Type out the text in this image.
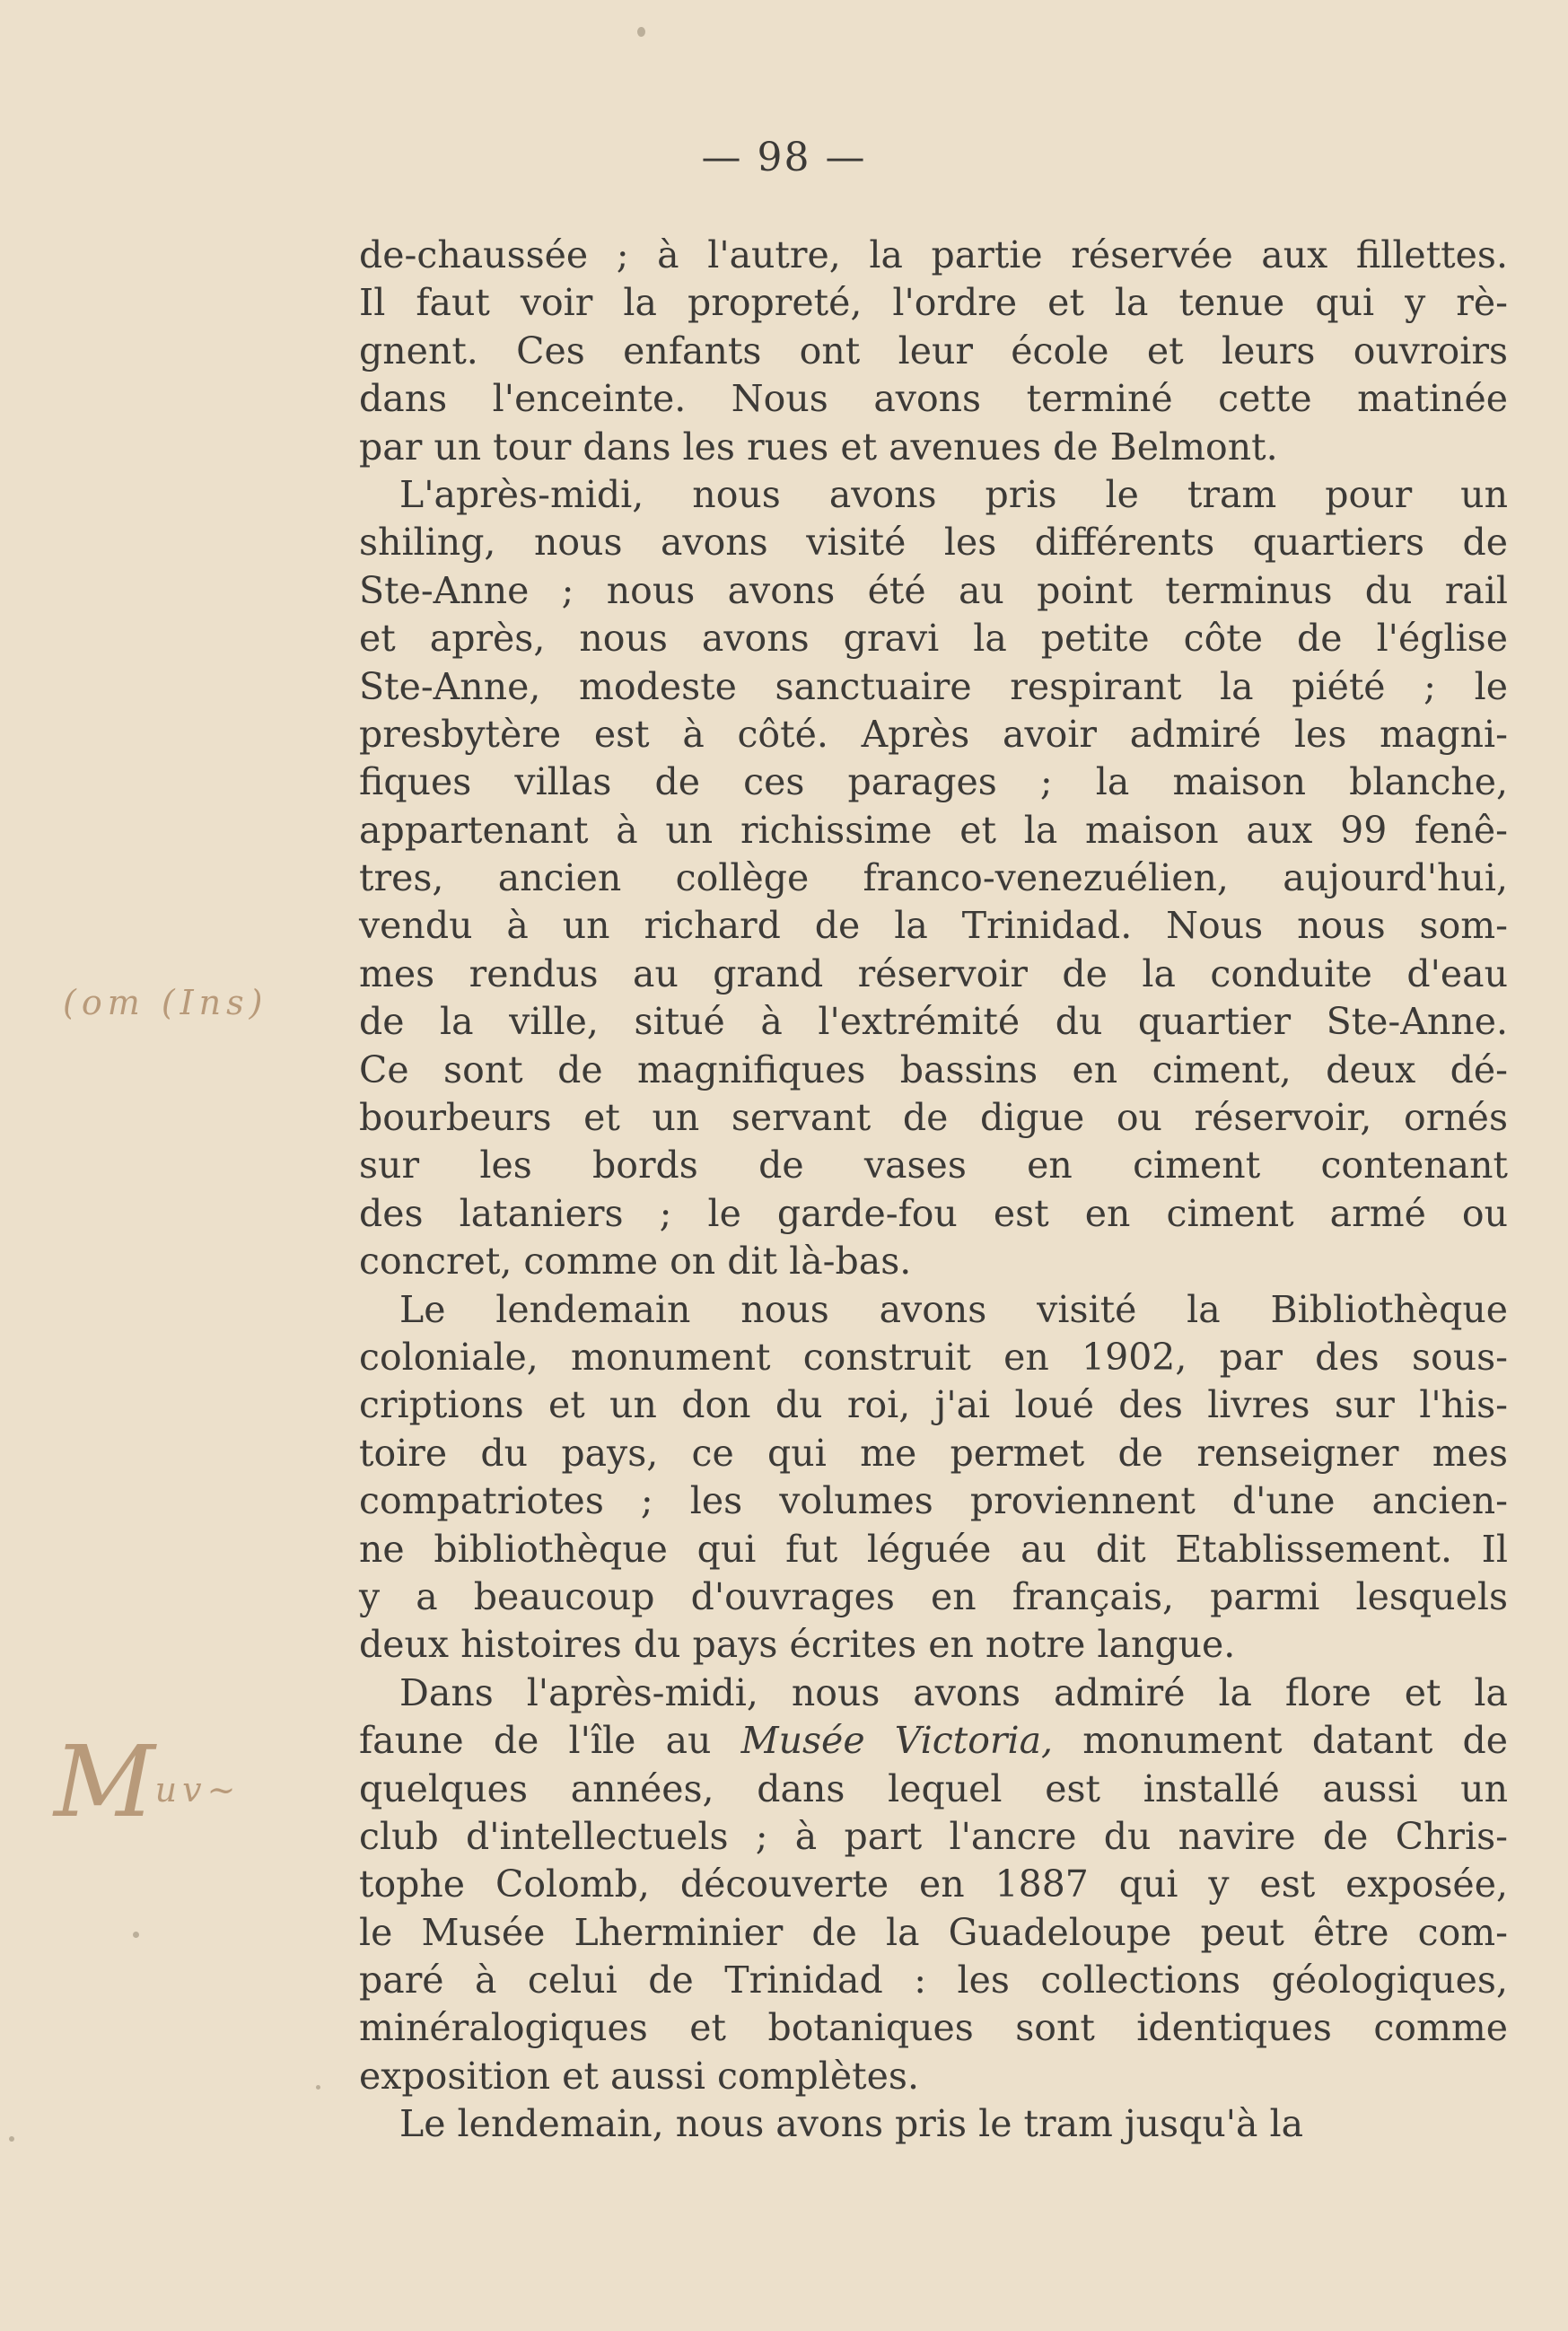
— 98 —
de-chaussée ; à l'autre, la partie réservée aux fillettes.
Il faut voir la propreté, l'ordre et la tenue qui y rè-
gnent. Ces enfants ont leur école et leurs ouvroirs
dans l'enceinte. Nous avons terminé cette matinée
par un tour dans les rues et avenues de Belmont.
L'après-midi, nous avons pris le tram pour un
shiling, nous avons visité les différents quartiers de
Ste-Anne ; nous avons été au point terminus du rail
et après, nous avons gravi la petite côte de l'église
Ste-Anne, modeste sanctuaire respirant la piété ; le
presbytère est à côté. Après avoir admiré les magni-
fiques villas de ces parages ; la maison blanche,
appartenant à un richissime et la maison aux 99 fenê-
tres, ancien collège franco-venezuélien, aujourd'hui,
vendu à un richard de la Trinidad. Nous nous som-
mes rendus au grand réservoir de la conduite d'eau
de la ville, situé à l'extrémité du quartier Ste-Anne.
Ce sont de magnifiques bassins en ciment, deux dé-
bourbeurs et un servant de digue ou réservoir, ornés
sur les bords de vases en ciment contenant
des lataniers ; le garde-fou est en ciment armé ou
concret, comme on dit là-bas.
Le lendemain nous avons visité la Bibliothèque
coloniale, monument construit en 1902, par des sous-
criptions et un don du roi, j'ai loué des livres sur l'his-
toire du pays, ce qui me permet de renseigner mes
compatriotes ; les volumes proviennent d'une ancien-
ne bibliothèque qui fut léguée au dit Etablissement. Il
y a beaucoup d'ouvrages en français, parmi lesquels
deux histoires du pays écrites en notre langue.
Dans l'après-midi, nous avons admiré la flore et la
faune de l'île au Musée Victoria, monument datant de
quelques années, dans lequel est installé aussi un
club d'intellectuels ; à part l'ancre du navire de Chris-
tophe Colomb, découverte en 1887 qui y est exposée,
le Musée Lherminier de la Guadeloupe peut être com-
paré à celui de Trinidad : les collections géologiques,
minéralogiques et botaniques sont identiques comme
exposition et aussi complètes.
Le lendemain, nous avons pris le tram jusqu'à la
(om (Ins)
Muv~
